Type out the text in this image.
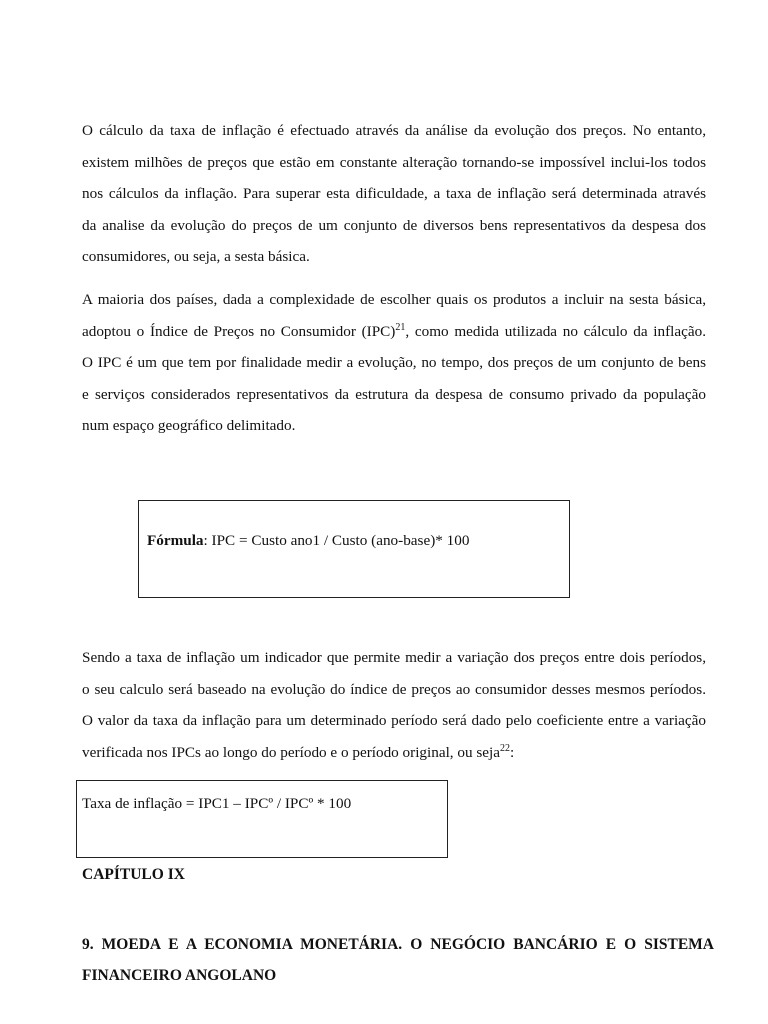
O cálculo da taxa de inflação é efectuado através da análise da evolução dos preços. No entanto,
existem milhões de preços que estão em constante alteração tornando-se impossível inclui-los todos
nos cálculos da inflação. Para superar esta dificuldade, a taxa de inflação será determinada através
da analise da evolução do preços de um conjunto de diversos bens representativos da despesa dos
consumidores, ou seja, a sesta básica.

A maioria dos países, dada a complexidade de escolher quais os produtos a incluir na sesta básica,
adoptou o Índice de Preços no Consumidor (IPC)$^{21}$, como medida utilizada no cálculo da inflação.
O IPC é um que tem por finalidade medir a evolução, no tempo, dos preços de um conjunto de bens
e serviços considerados representativos da estrutura da despesa de consumo privado da população
num espaço geográfico delimitado.

Fórmula: IPC = Custo ano1 / Custo (ano-base)* 100

Sendo a taxa de inflação um indicador que permite medir a variação dos preços entre dois períodos,
o seu calculo será baseado na evolução do índice de preços ao consumidor desses mesmos períodos.
O valor da taxa da inflação para um determinado período será dado pelo coeficiente entre a variação
verificada nos IPCs ao longo do período e o período original, ou seja$^{22}$:

Taxa de inflação = IPC1 – IPCº / IPCº * 100
CAPÍTULO IX
9. MOEDA E A ECONOMIA MONETÁRIA. O NEGÓCIO BANCÁRIO E O SISTEMA
FINANCEIRO ANGOLANO
